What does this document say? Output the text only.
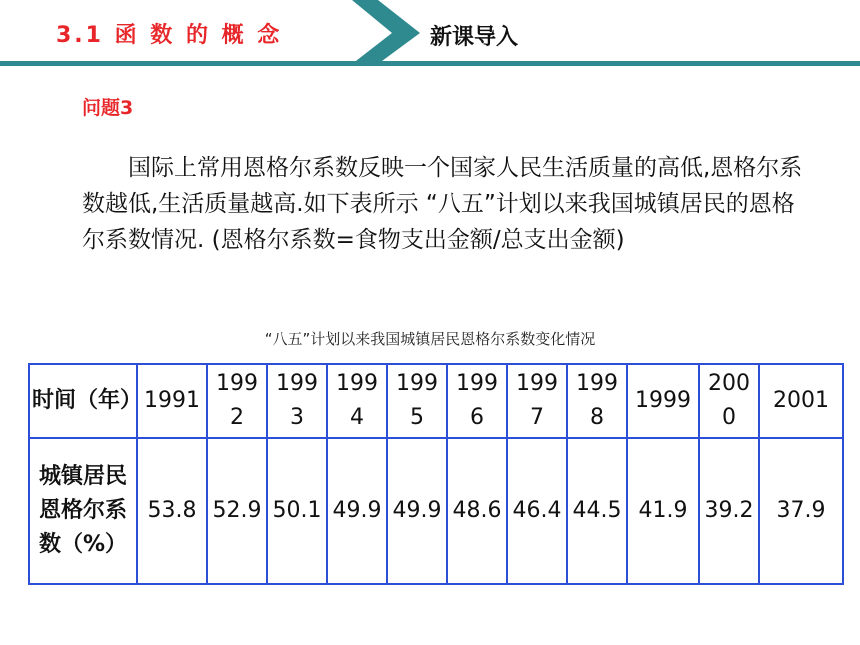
3.1 函 数 的 概 念	新课导入
问题3
国际上常用恩格尔系数反映一个国家人民生活质量的高低,恩格尔系数越低,生活质量越高.如下表所示 “八五”计划以来我国城镇居民的恩格尔系数情况. (恩格尔系数=食物支出金额/总支出金额)
“八五”计划以来我国城镇居民恩格尔系数变化情况
时间（年）	1991	1992	1993	1994	1995	1996	1997	1998	1999	2000	2001
城镇居民恩格尔系数（%）	53.8	52.9	50.1	49.9	49.9	48.6	46.4	44.5	41.9	39.2	37.9
